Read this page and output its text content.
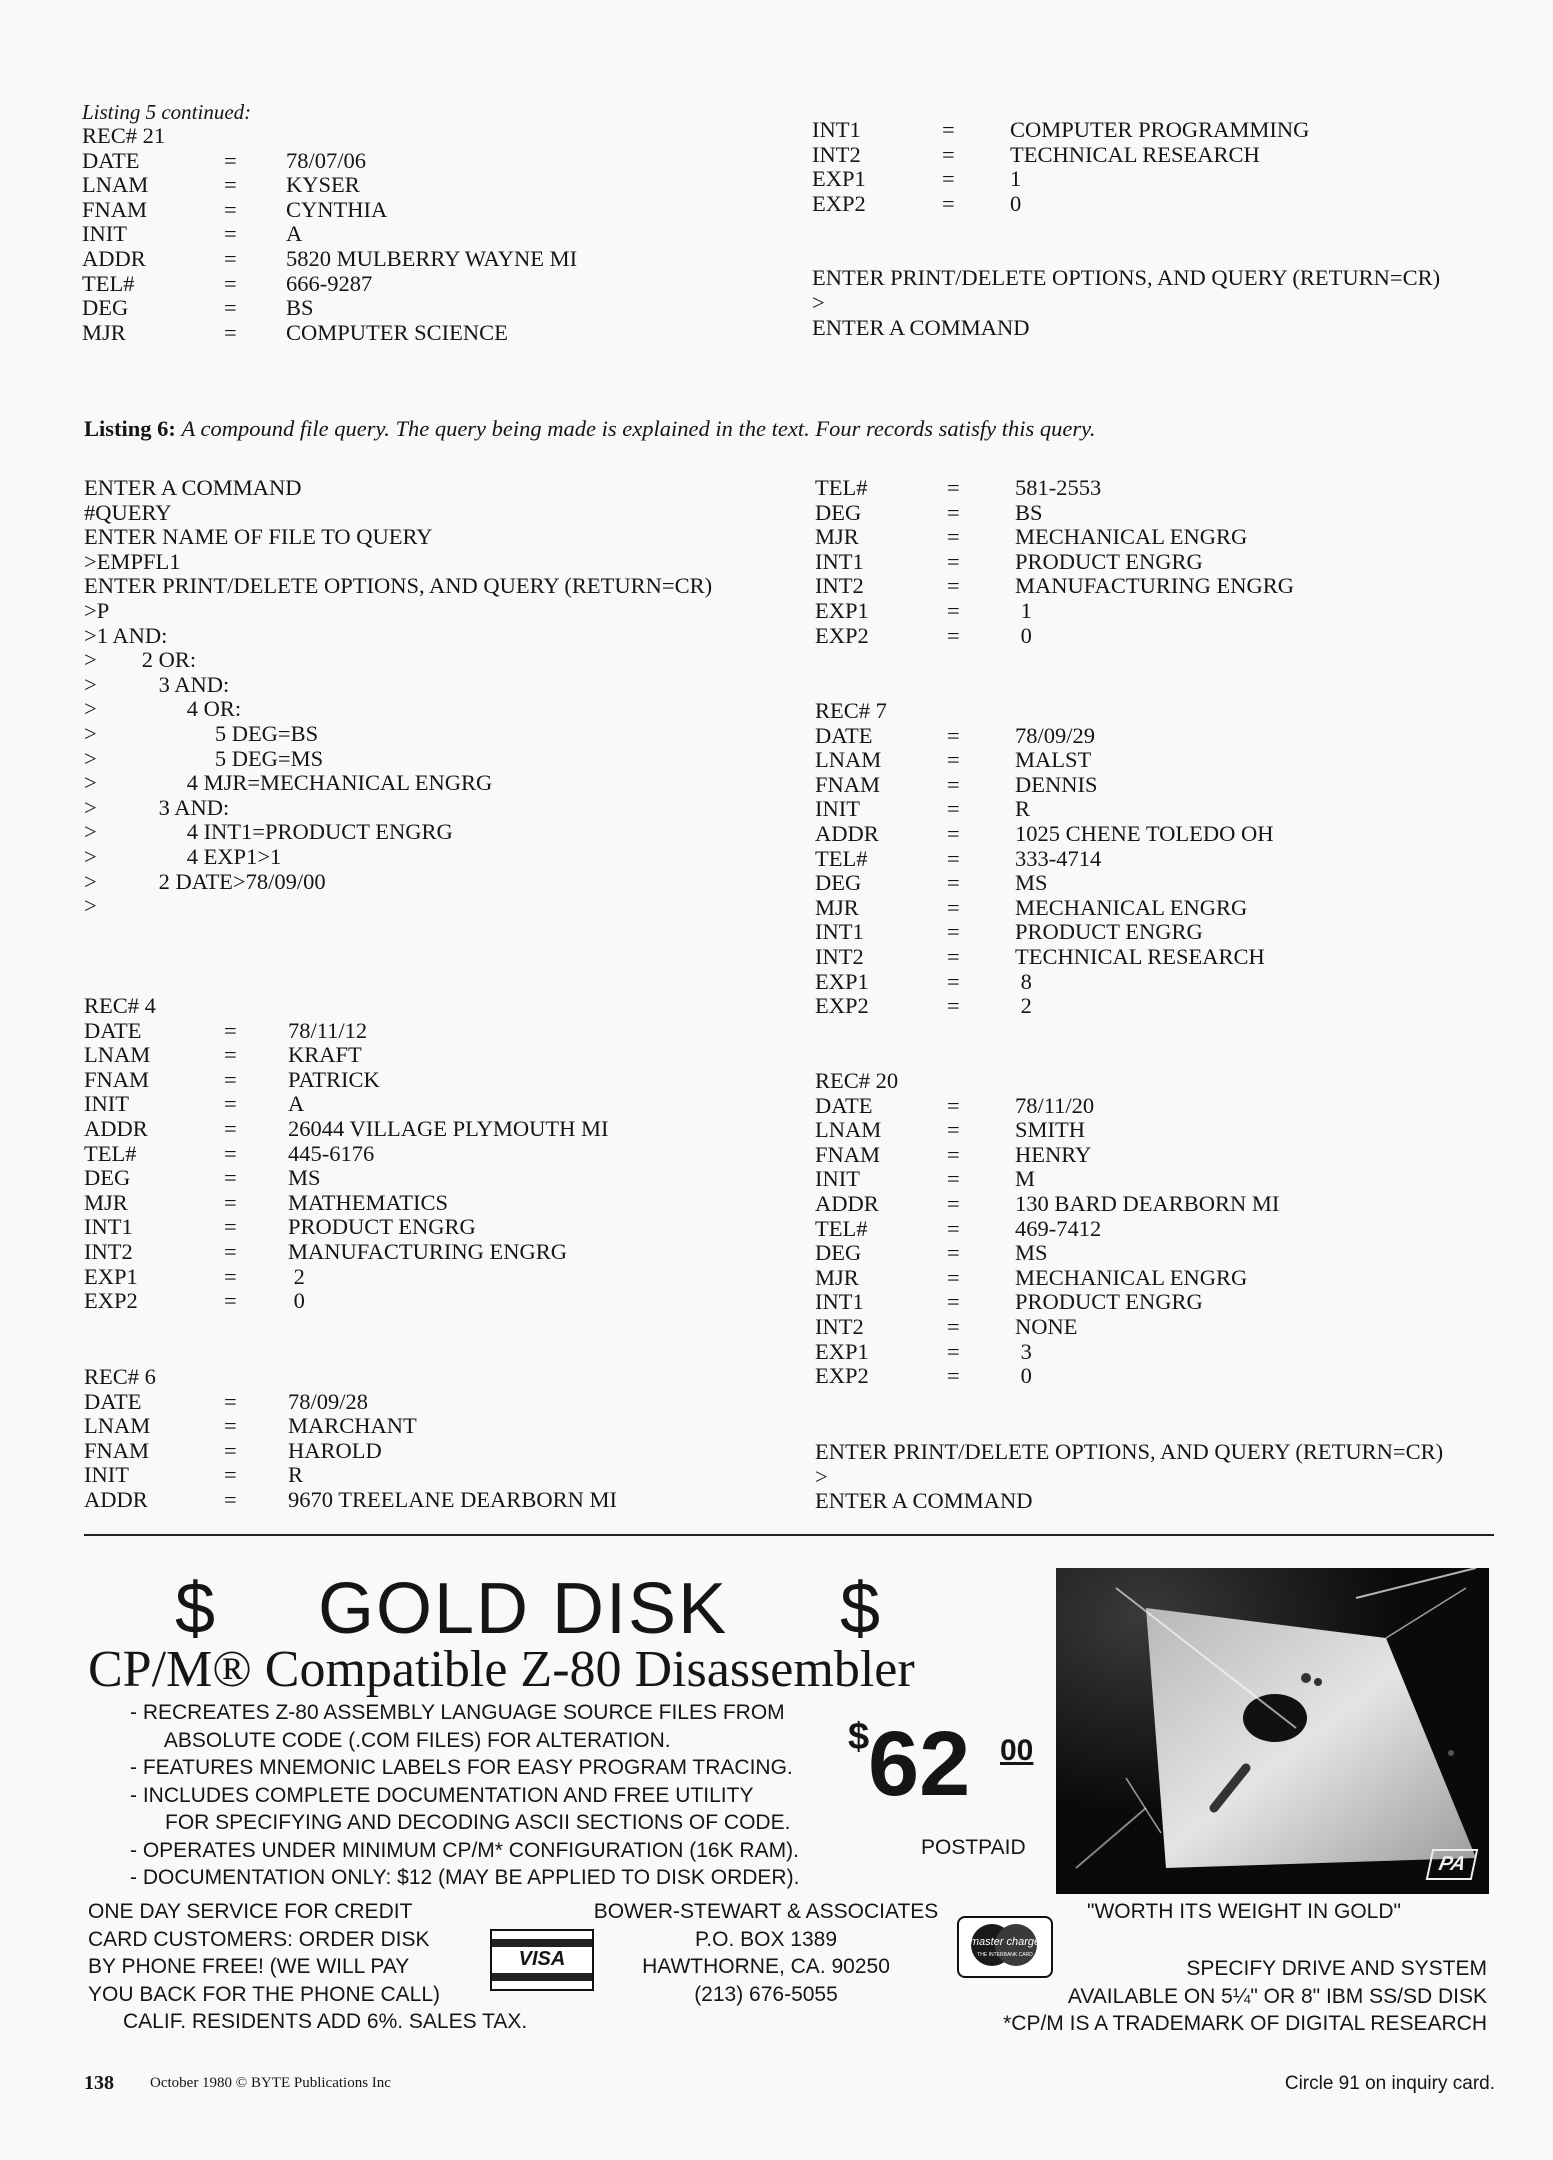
Listing 5 continued:
REC# 21
DATE	=	78/07/06
LNAM	=	KYSER
FNAM	=	CYNTHIA
INIT	=	A
ADDR	=	5820 MULBERRY WAYNE MI
TEL#	=	666-9287
DEG	=	BS
MJR	=	COMPUTER SCIENCE
INT1	=	COMPUTER PROGRAMMING
INT2	=	TECHNICAL RESEARCH
EXP1	=	1
EXP2	=	0
ENTER PRINT/DELETE OPTIONS, AND QUERY (RETURN=CR)
>
ENTER A COMMAND
Listing 6: A compound file query. The query being made is explained in the text. Four records satisfy this query.
ENTER A COMMAND
#QUERY
ENTER NAME OF FILE TO QUERY
>EMPFL1
ENTER PRINT/DELETE OPTIONS, AND QUERY (RETURN=CR)
>P
>1 AND:
>        2 OR:
>           3 AND:
>                4 OR:
>                     5 DEG=BS
>                     5 DEG=MS
>                4 MJR=MECHANICAL ENGRG
>           3 AND:
>                4 INT1=PRODUCT ENGRG
>                4 EXP1>1
>           2 DATE>78/09/00
>
REC# 4
DATE	=	78/11/12
LNAM	=	KRAFT
FNAM	=	PATRICK
INIT	=	A
ADDR	=	26044 VILLAGE PLYMOUTH MI
TEL#	=	445-6176
DEG	=	MS
MJR	=	MATHEMATICS
INT1	=	PRODUCT ENGRG
INT2	=	MANUFACTURING ENGRG
EXP1	=	2
EXP2	=	0
REC# 6
DATE	=	78/09/28
LNAM	=	MARCHANT
FNAM	=	HAROLD
INIT	=	R
ADDR	=	9670 TREELANE DEARBORN MI
TEL#	=	581-2553
DEG	=	BS
MJR	=	MECHANICAL ENGRG
INT1	=	PRODUCT ENGRG
INT2	=	MANUFACTURING ENGRG
EXP1	=	1
EXP2	=	0
REC# 7
DATE	=	78/09/29
LNAM	=	MALST
FNAM	=	DENNIS
INIT	=	R
ADDR	=	1025 CHENE TOLEDO OH
TEL#	=	333-4714
DEG	=	MS
MJR	=	MECHANICAL ENGRG
INT1	=	PRODUCT ENGRG
INT2	=	TECHNICAL RESEARCH
EXP1	=	8
EXP2	=	2
REC# 20
DATE	=	78/11/20
LNAM	=	SMITH
FNAM	=	HENRY
INIT	=	M
ADDR	=	130 BARD DEARBORN MI
TEL#	=	469-7412
DEG	=	MS
MJR	=	MECHANICAL ENGRG
INT1	=	PRODUCT ENGRG
INT2	=	NONE
EXP1	=	3
EXP2	=	0
ENTER PRINT/DELETE OPTIONS, AND QUERY (RETURN=CR)
>
ENTER A COMMAND
$ GOLD DISK $
CP/M® Compatible Z-80 Disassembler
- RECREATES Z-80 ASSEMBLY LANGUAGE SOURCE FILES FROM
ABSOLUTE CODE (.COM FILES) FOR ALTERATION.
- FEATURES MNEMONIC LABELS FOR EASY PROGRAM TRACING.
- INCLUDES COMPLETE DOCUMENTATION AND FREE UTILITY
FOR SPECIFYING AND DECODING ASCII SECTIONS OF CODE.
- OPERATES UNDER MINIMUM CP/M* CONFIGURATION (16K RAM).
- DOCUMENTATION ONLY: $12 (MAY BE APPLIED TO DISK ORDER).
$
62 00
POSTPAID
PA
ONE DAY SERVICE FOR CREDIT
CARD CUSTOMERS: ORDER DISK
BY PHONE FREE! (WE WILL PAY
YOU BACK FOR THE PHONE CALL)
CALIF. RESIDENTS ADD 6%. SALES TAX.
VISA
BOWER-STEWART & ASSOCIATES
P.O. BOX 1389
HAWTHORNE, CA. 90250
(213) 676-5055
master charge
THE INTERBANK CARD
"WORTH ITS WEIGHT IN GOLD"
SPECIFY DRIVE AND SYSTEM
AVAILABLE ON 5¼" OR 8" IBM SS/SD DISK
*CP/M IS A TRADEMARK OF DIGITAL RESEARCH
138 October 1980 © BYTE Publications Inc	Circle 91 on inquiry card.
